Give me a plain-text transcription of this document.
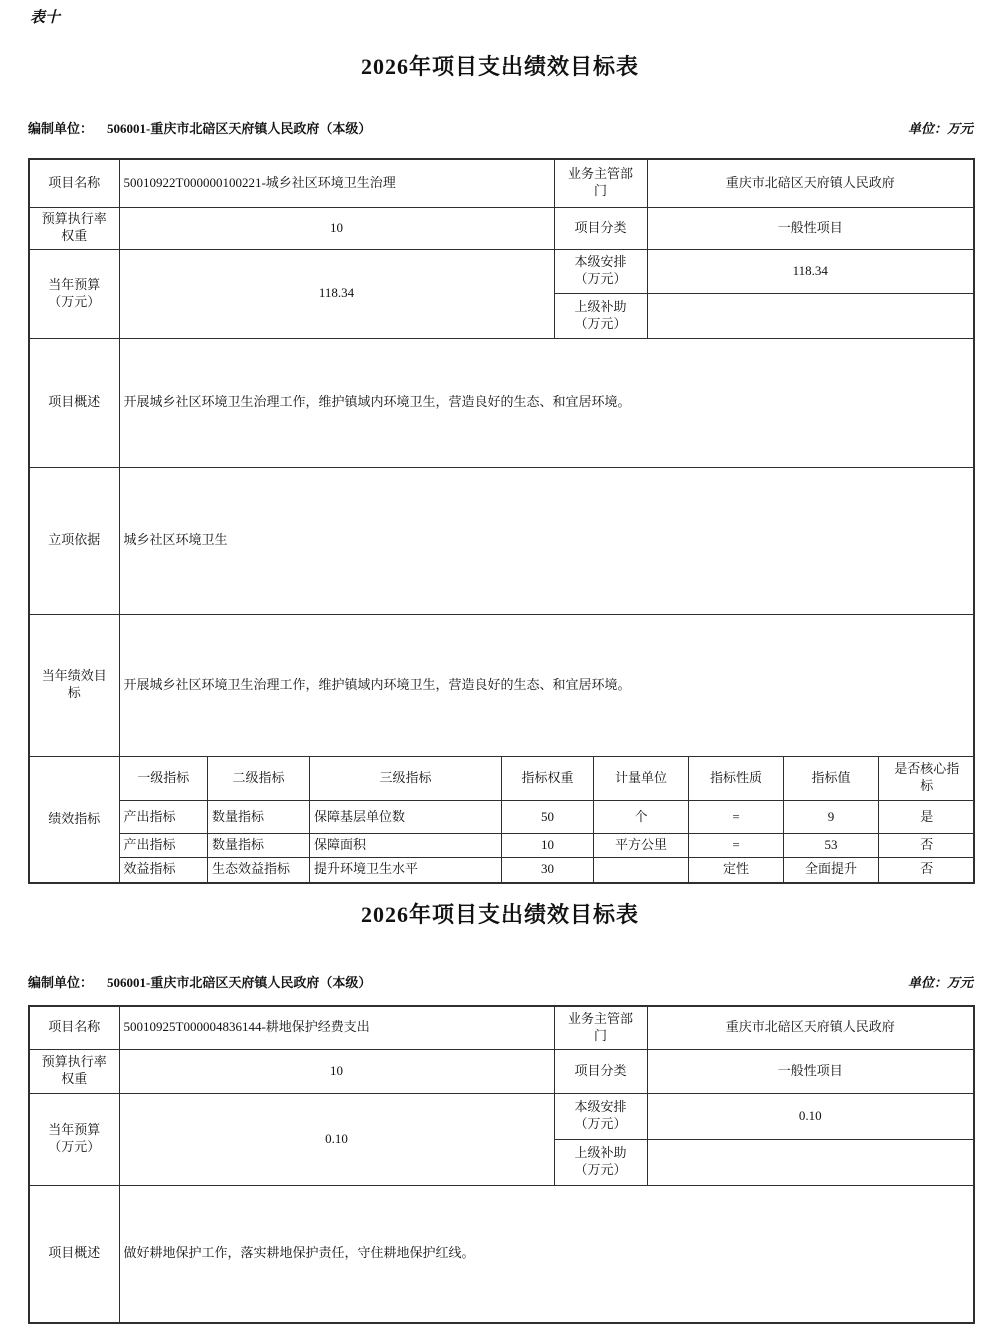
表十
2026年项目支出绩效目标表
编制单位： 506001-重庆市北碚区天府镇人民政府（本级）	单位：万元
项目名称	50010922T000000100221-城乡社区环境卫生治理	业务主管部门	重庆市北碚区天府镇人民政府
预算执行率权重	10	项目分类	一般性项目
当年预算（万元）	118.34	本级安排（万元）	118.34
上级补助（万元）	
项目概述	开展城乡社区环境卫生治理工作，维护镇域内环境卫生，营造良好的生态、和宜居环境。
立项依据	城乡社区环境卫生
当年绩效目标	开展城乡社区环境卫生治理工作，维护镇域内环境卫生，营造良好的生态、和宜居环境。
绩效指标	
一级指标	二级指标	三级指标	指标权重	计量单位	指标性质	指标值	是否核心指标
产出指标	数量指标	保障基层单位数	50	个	=	9	是
产出指标	数量指标	保障面积	10	平方公里	=	53	否
效益指标	生态效益指标	提升环境卫生水平	30		定性	全面提升	否
2026年项目支出绩效目标表
编制单位： 506001-重庆市北碚区天府镇人民政府（本级）	单位：万元
项目名称	50010925T000004836144-耕地保护经费支出	业务主管部门	重庆市北碚区天府镇人民政府
预算执行率权重	10	项目分类	一般性项目
当年预算（万元）	0.10	本级安排（万元）	0.10
		上级补助（万元）	
项目概述	做好耕地保护工作，落实耕地保护责任，守住耕地保护红线。		
